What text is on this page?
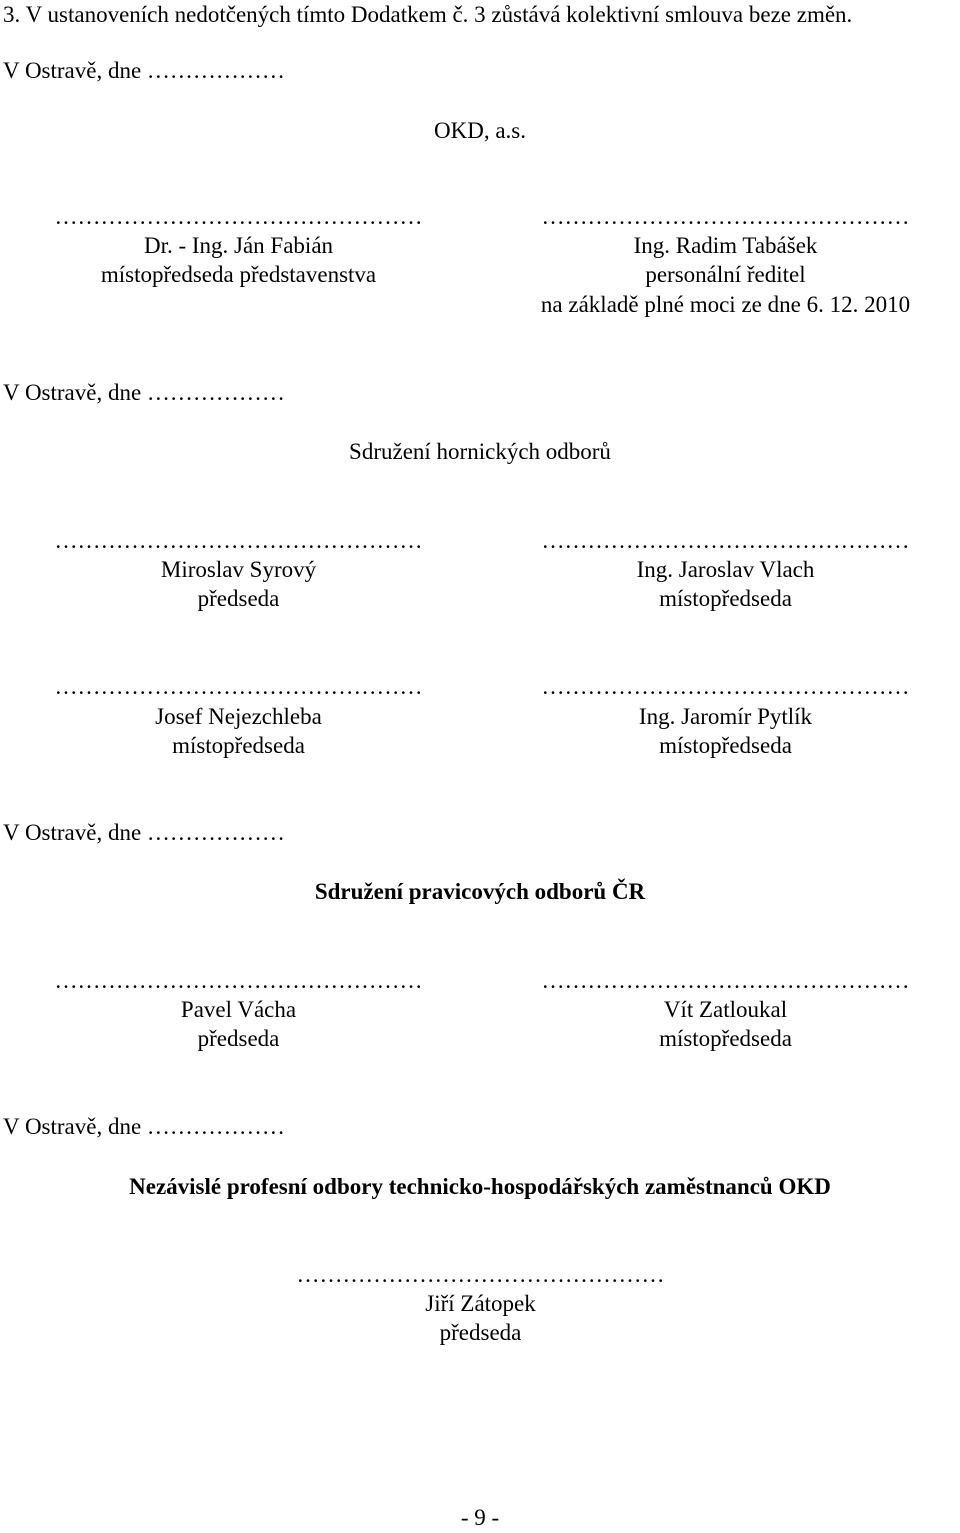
3. V ustanoveních nedotčených tímto Dodatkem č. 3 zůstává kolektivní smlouva beze změn.
V Ostravě, dne ………………
OKD, a.s.
…………………………………………
Dr. - Ing. Ján Fabián
místopředseda představenstva
…………………………………………
Ing. Radim Tabášek
personální ředitel
na základě plné moci ze dne 6. 12. 2010
V Ostravě, dne ………………
Sdružení hornických odborů
…………………………………………
Miroslav Syrový
předseda
…………………………………………
Ing. Jaroslav Vlach
místopředseda
…………………………………………
Josef Nejezchleba
místopředseda
…………………………………………
Ing. Jaromír Pytlík
místopředseda
V Ostravě, dne ………………
Sdružení pravicových odborů ČR
…………………………………………
Pavel Vácha
předseda
…………………………………………
Vít Zatloukal
místopředseda
V Ostravě, dne ………………
Nezávislé profesní odbory technicko-hospodářských zaměstnanců OKD
…………………………………………
Jiří Zátopek
předseda
- 9 -
